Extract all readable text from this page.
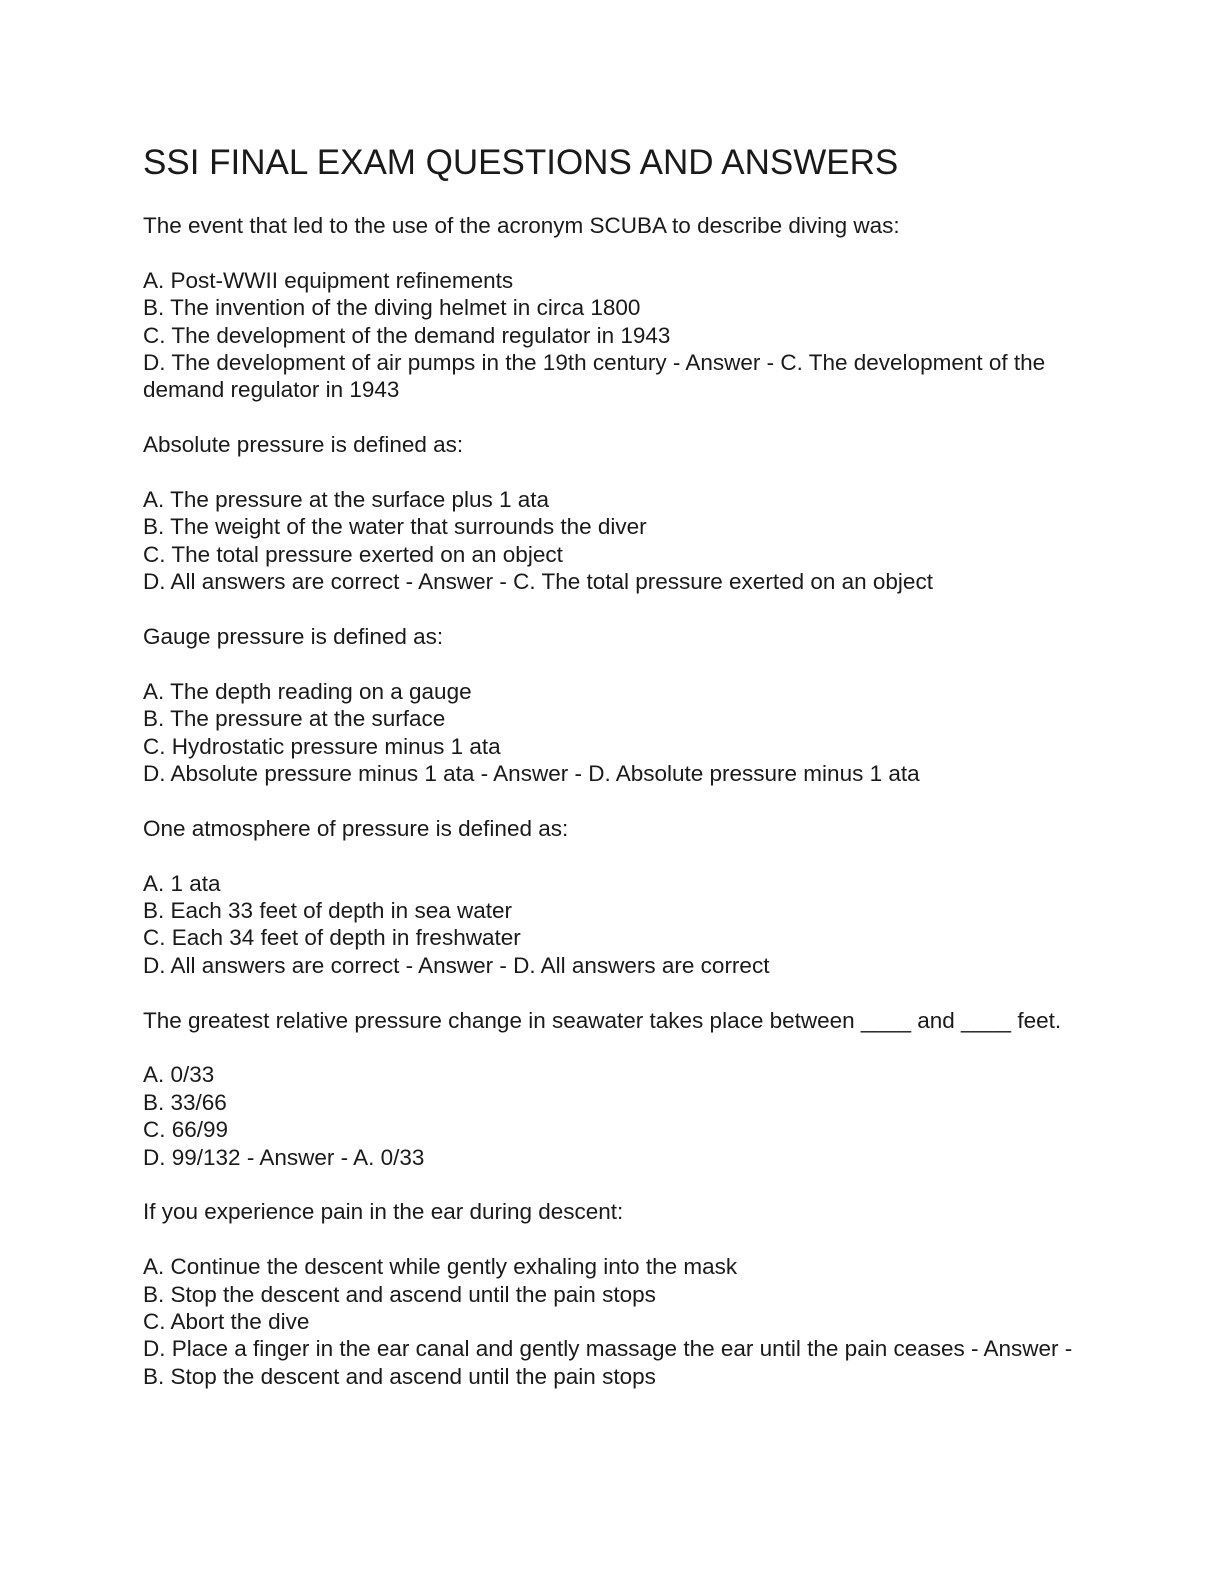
SSI FINAL EXAM QUESTIONS AND ANSWERS
The event that led to the use of the acronym SCUBA to describe diving was:
A. Post-WWII equipment refinements
B. The invention of the diving helmet in circa 1800
C. The development of the demand regulator in 1943
D. The development of air pumps in the 19th century - Answer - C. The development of the demand regulator in 1943
Absolute pressure is defined as:
A. The pressure at the surface plus 1 ata
B. The weight of the water that surrounds the diver
C. The total pressure exerted on an object
D. All answers are correct - Answer - C. The total pressure exerted on an object
Gauge pressure is defined as:
A. The depth reading on a gauge
B. The pressure at the surface
C. Hydrostatic pressure minus 1 ata
D. Absolute pressure minus 1 ata - Answer - D. Absolute pressure minus 1 ata
One atmosphere of pressure is defined as:
A. 1 ata
B. Each 33 feet of depth in sea water
C. Each 34 feet of depth in freshwater
D. All answers are correct - Answer - D. All answers are correct
The greatest relative pressure change in seawater takes place between ____ and ____ feet.
A. 0/33
B. 33/66
C. 66/99
D. 99/132 - Answer - A. 0/33
If you experience pain in the ear during descent:
A. Continue the descent while gently exhaling into the mask
B. Stop the descent and ascend until the pain stops
C. Abort the dive
D. Place a finger in the ear canal and gently massage the ear until the pain ceases - Answer - B. Stop the descent and ascend until the pain stops
